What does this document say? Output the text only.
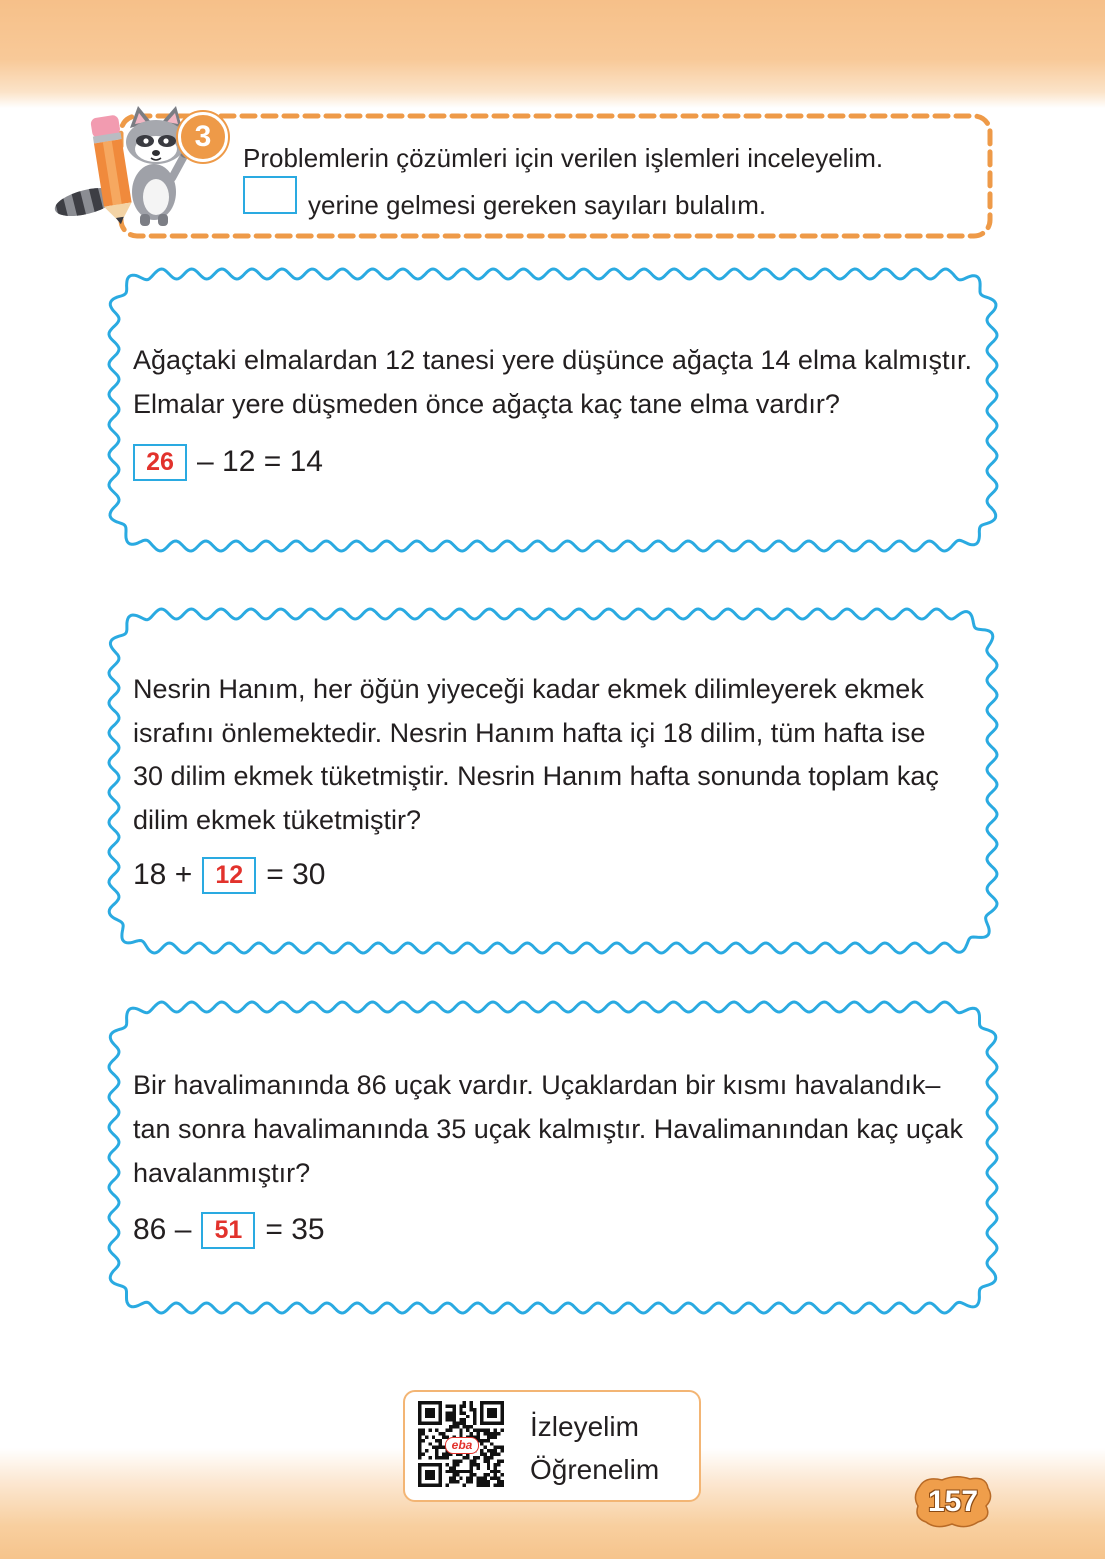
3
Problemlerin çözümleri için verilen işlemleri inceleyelim.
yerine gelmesi gereken sayıları bulalım.
Ağaçtaki elmalardan 12 tanesi yere düşünce ağaçta 14 elma kalmıştır.
Elmalar yere düşmeden önce ağaçta kaç tane elma vardır?
26 – 12 = 14
Nesrin Hanım, her öğün yiyeceği kadar ekmek dilimleyerek ekmek
israfını önlemektedir. Nesrin Hanım hafta içi 18 dilim, tüm hafta ise
30 dilim ekmek tüketmiştir. Nesrin Hanım hafta sonunda toplam kaç
dilim ekmek tüketmiştir?
18 + 12 = 30
Bir havalimanında 86 uçak vardır. Uçaklardan bir kısmı havalandık–
tan sonra havalimanında 35 uçak kalmıştır. Havalimanından kaç uçak
havalanmıştır?
86 – 51 = 35
eba
İzleyelim
Öğrenelim
157
